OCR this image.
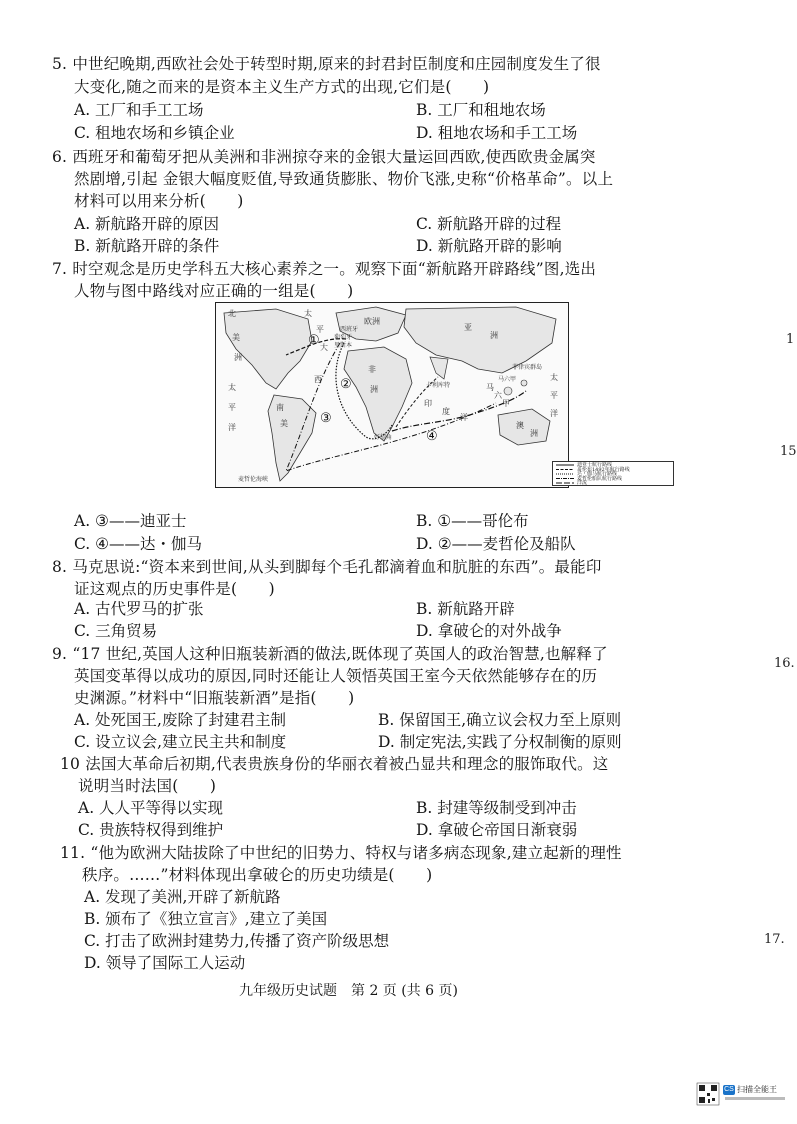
5. 中世纪晚期,西欧社会处于转型时期,原来的封君封臣制度和庄园制度发生了很
大变化,随之而来的是资本主义生产方式的出现,它们是(　　)
A. 工厂和手工工场	B. 工厂和租地农场
C. 租地农场和乡镇企业	D. 租地农场和手工工场
6. 西班牙和葡萄牙把从美洲和非洲掠夺来的金银大量运回西欧,使西欧贵金属突
然剧增,引起 金银大幅度贬值,导致通货膨胀、物价飞涨,史称“价格革命”。以上
材料可以用来分析(　　)
A. 新航路开辟的原因	C. 新航路开辟的过程
B. 新航路开辟的条件	D. 新航路开辟的影响
7. 时空观念是历史学科五大核心素养之一。观察下面“新航路开辟路线”图,选出
人物与图中路线对应正确的一组是(　　)
北	太
欧洲
亚
平
美
洲
大
西
非
洲
南
美
印
度
洋
太
平
洋	澳
洲
马
六
甲
太
平
洋
洲
西班牙
葡萄牙
里斯本
卡利库特
马六甲
好望角
菲律宾群岛
麦哲伦海峡
①
②
③
④
迪亚士航行路线
哥伦布1492年航行路线
达・伽马航行路线
麦哲伦船队航行路线
洋流
A. ③——迪亚士	B. ①——哥伦布
C. ④——达・伽马	D. ②——麦哲伦及船队
8. 马克思说:“资本来到世间,从头到脚每个毛孔都滴着血和肮脏的东西”。最能印
证这观点的历史事件是(　　)
A. 古代罗马的扩张	B. 新航路开辟
C. 三角贸易	D. 拿破仑的对外战争
9. “17 世纪,英国人这种旧瓶装新酒的做法,既体现了英国人的政治智慧,也解释了
英国变革得以成功的原因,同时还能让人领悟英国王室今天依然能够存在的历
史渊源。”材料中“旧瓶装新酒”是指(　　)
A. 处死国王,废除了封建君主制	B. 保留国王,确立议会权力至上原则
C. 设立议会,建立民主共和制度	D. 制定宪法,实践了分权制衡的原则
10 法国大革命后初期,代表贵族身份的华丽衣着被凸显共和理念的服饰取代。这
说明当时法国(　　)
A. 人人平等得以实现	B. 封建等级制受到冲击
C. 贵族特权得到维护	D. 拿破仑帝国日渐衰弱
11. “他为欧洲大陆拔除了中世纪的旧势力、特权与诸多病态现象,建立起新的理性
秩序。……”材料体现出拿破仑的历史功绩是(　　)
A. 发现了美洲,开辟了新航路
B. 颁布了《独立宣言》,建立了美国
C. 打击了欧洲封建势力,传播了资产阶级思想
D. 领导了国际工人运动
九年级历史试题　第 2 页 (共 6 页)
1
15
16.
17.
CS 扫描全能王
